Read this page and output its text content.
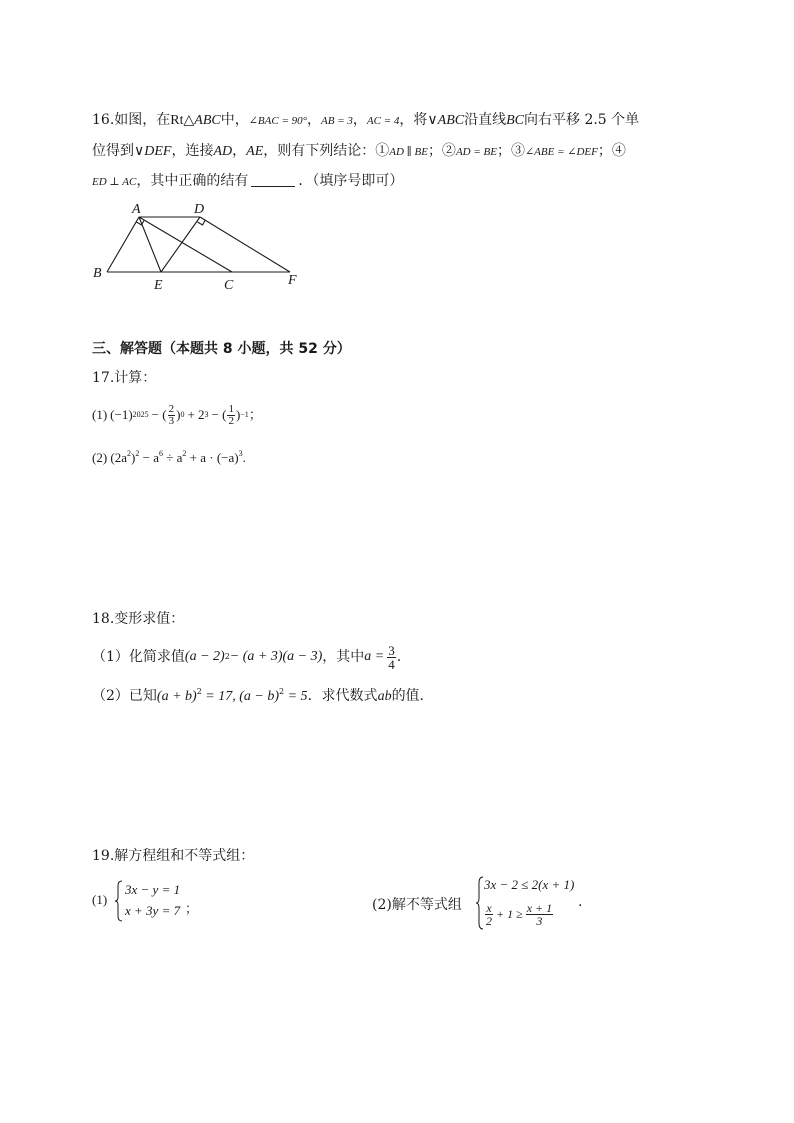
16.如图，在Rt△ABC中，∠BAC = 90°，AB = 3，AC = 4，将∨ABC沿直线BC向右平移 2.5 个单
位得到∨DEF，连接AD，AE，则有下列结论：①AD ∥ BE；②AD = BE；③∠ABE = ∠DEF；④
ED ⊥ AC，其中正确的结有	．（填序号即可）
A	D
B
E	C	F
三、解答题（本题共 8 小题，共 52 分）
17.计算：
(1) (−1) 2025 − ( $\frac{2}{3}$ ) 0 + 2 3 − ( $\frac{1}{2}$ ) −1 ；
(2) $(2a^2)^2 - a^6 \div a^2 + a \cdot (-a)^3$.
18.变形求值：
（1）化简求值 (a − 2) 2 − (a + 3)(a − 3) ，其中 $a = \frac{3}{4}$ .
（2）已知$(a + b)^2 = 17$, $(a - b)^2 = 5$．求代数式ab的值.
19.解方程组和不等式组：
(1)
3x − y = 1
x + 3y = 7 ；	(2)解不等式组
3x − 2 ≤ 2(x + 1)
$\frac{x}{2} + 1 \ge \frac{x + 1}{3}$ .
